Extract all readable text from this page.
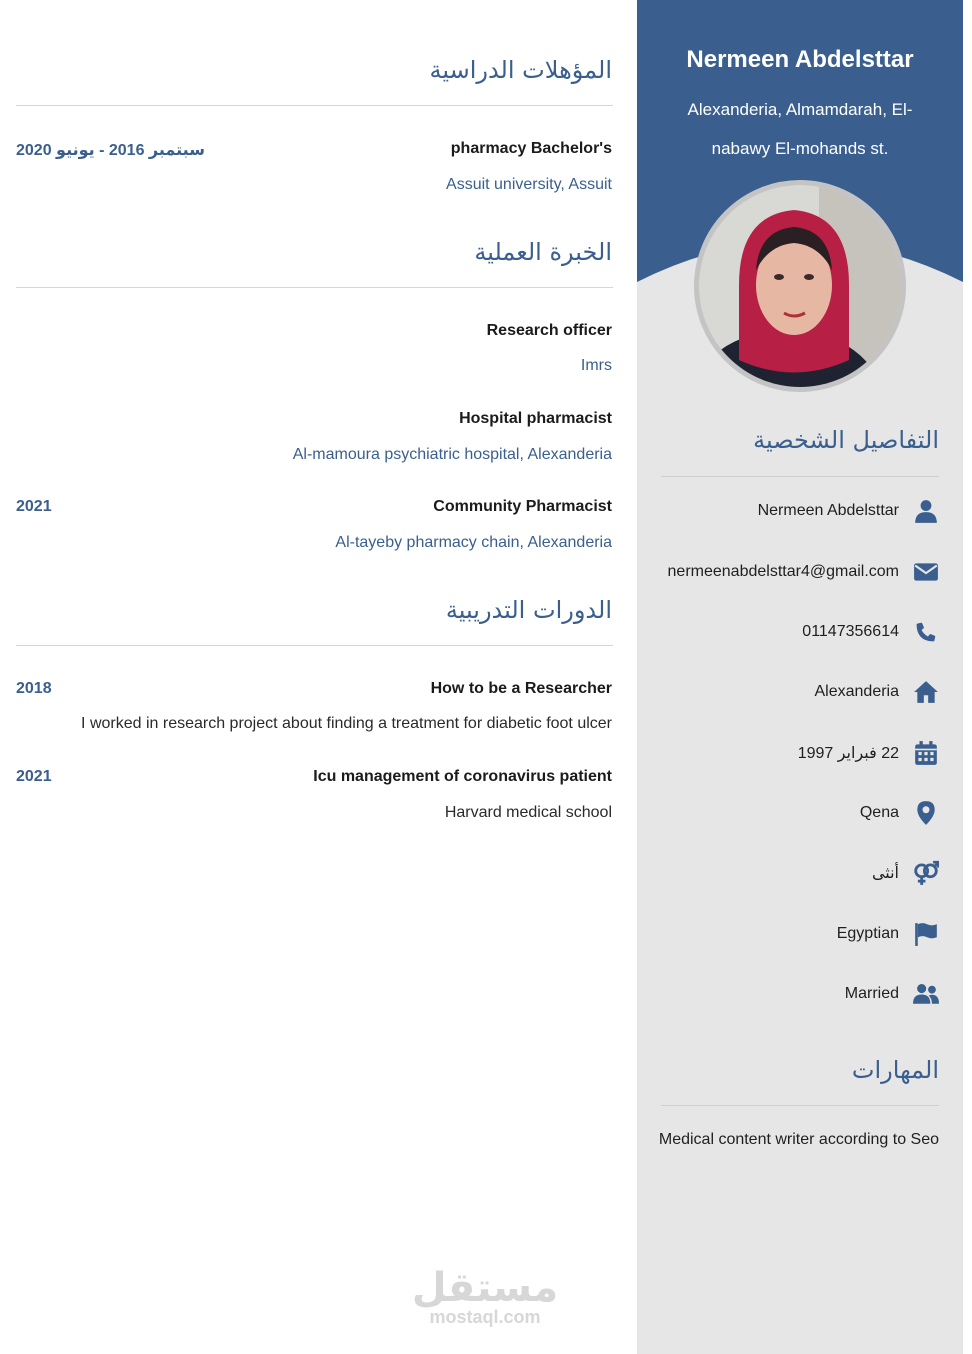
المؤهلات الدراسية
pharmacy Bachelor's
سبتمبر 2016 - يونيو 2020
Assuit university, Assuit
الخبرة العملية
Research officer
Imrs
Hospital pharmacist
Al-mamoura psychiatric hospital, Alexanderia
Community Pharmacist
2021
Al-tayeby pharmacy chain, Alexanderia
الدورات التدريبية
How to be a Researcher
2018
I worked in research project about finding a treatment for diabetic foot ulcer
Icu management of coronavirus patient
2021
Harvard medical school
مستقل
mostaql.com
Nermeen Abdelsttar
Alexanderia, Almamdarah, El-nabawy El-mohands st.
التفاصيل الشخصية
Nermeen Abdelsttar
nermeenabdelsttar4@gmail.com
01147356614
Alexanderia
22 فبراير 1997
Qena
أنثى
Egyptian
Married
المهارات
Medical content writer according to Seo
